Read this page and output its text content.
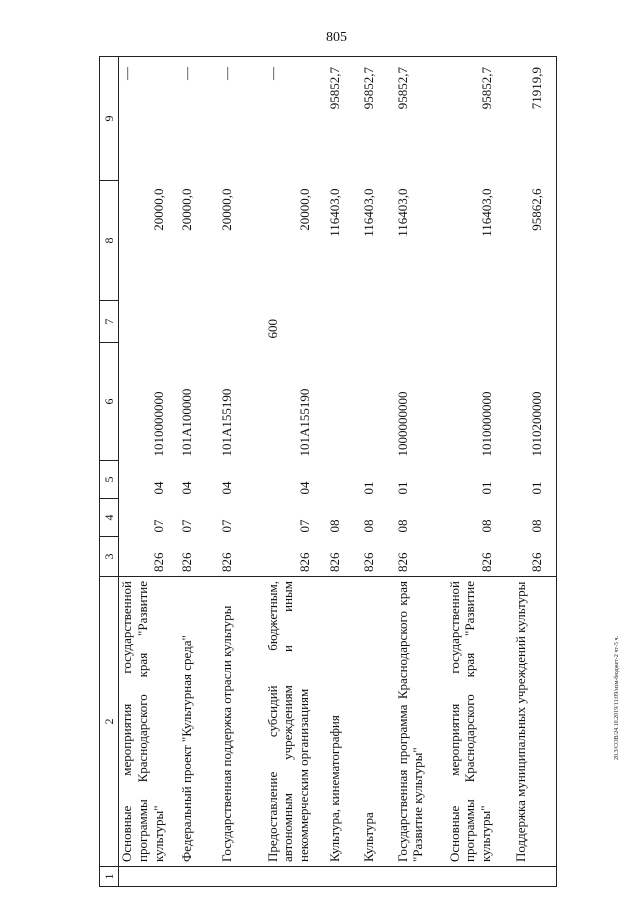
805
20.3/COB/24.10.2019/11:09/изм-бюджет-2 чт-5 ч.
1	2	3	4	5	6	7	8	9
	Основные мероприятия государственной программы Краснодарского края "Развитие культуры"	826	07	04	1010000000		20000,0	—
	Федеральный проект "Культурная среда"	826	07	04	101А100000		20000,0	—
	Государственная поддержка отрасли культуры	826	07	04	101А155190		20000,0	—
	Предоставление субсидий бюджетным, автономным учреждениям и иным некоммерческим организациям	826	07	04	101А155190	600	20000,0	—
	Культура, кинематография	826	08				116403,0	95852,7
	Культура	826	08	01			116403,0	95852,7
	Государственная программа Краснодарского края "Развитие культуры"	826	08	01	1000000000		116403,0	95852,7
	Основные мероприятия государственной программы Краснодарского края "Развитие культуры"	826	08	01	1010000000		116403,0	95852,7
	Поддержка муниципальных учреждений культуры	826	08	01	1010200000		95862,6	71919,9
